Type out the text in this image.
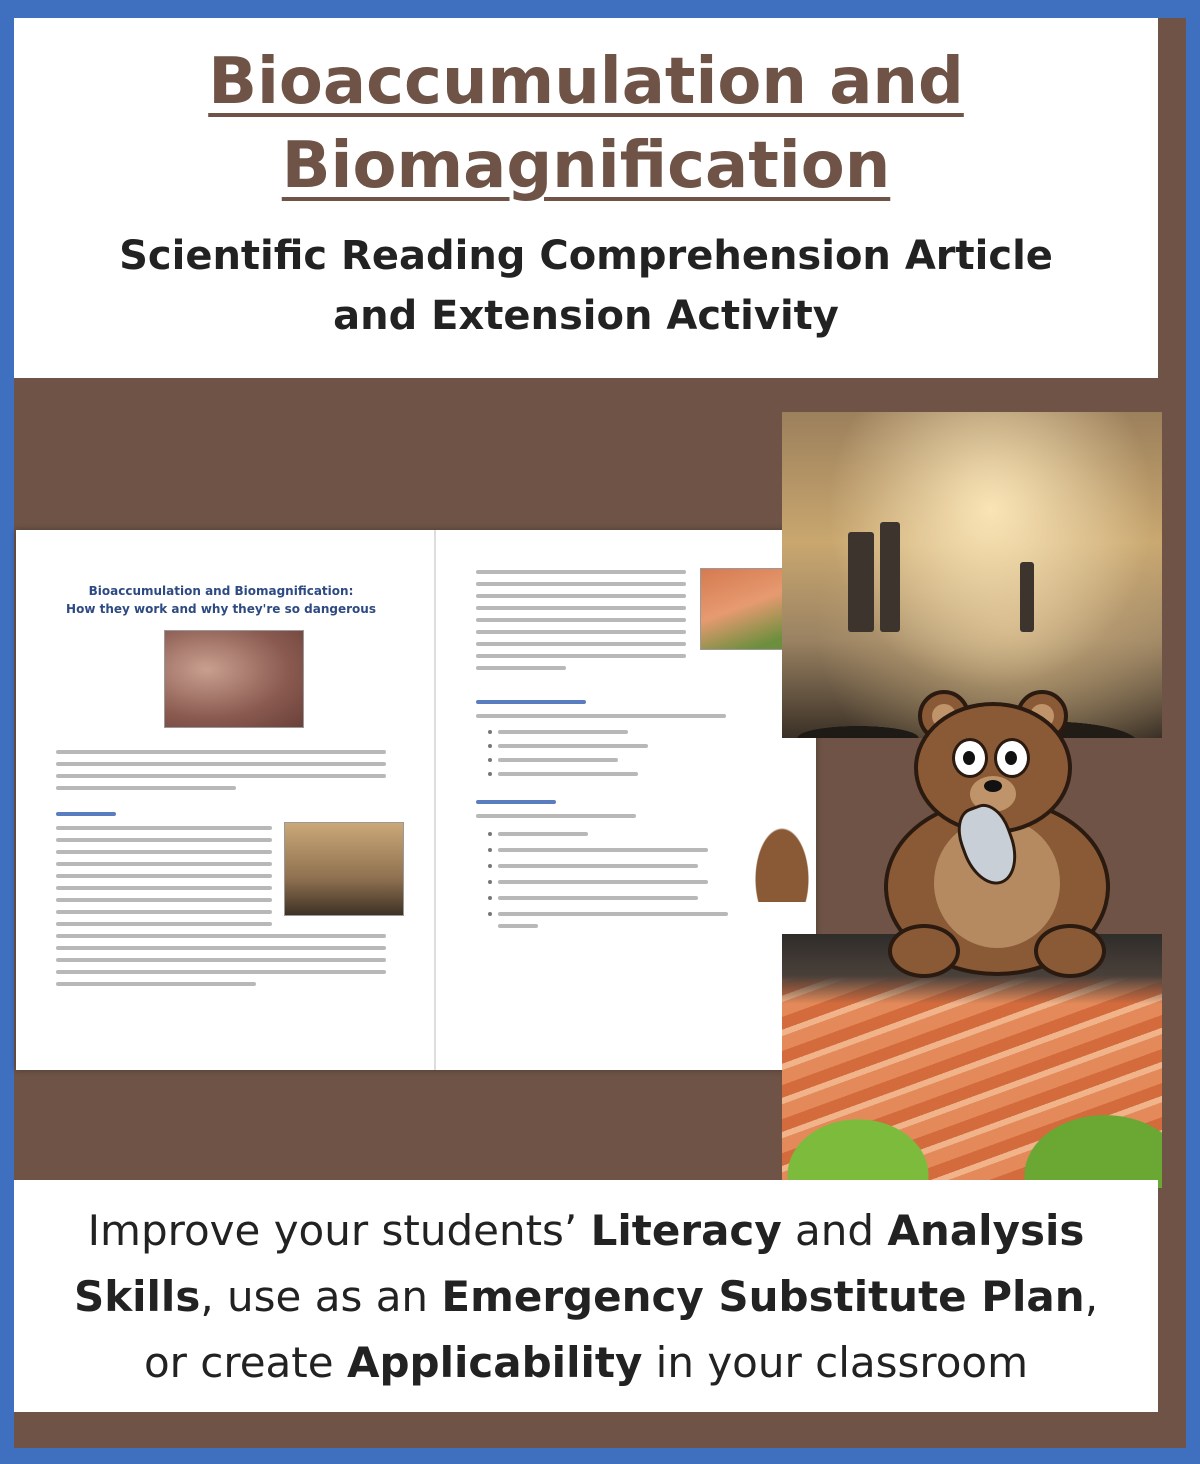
Bioaccumulation and
Biomagnification
Scientific Reading Comprehension Article
and Extension Activity
Bioaccumulation and Biomagnification:
How they work and why they're so dangerous
Improve your students’ Literacy and Analysis
Skills, use as an Emergency Substitute Plan,
or create Applicability in your classroom
